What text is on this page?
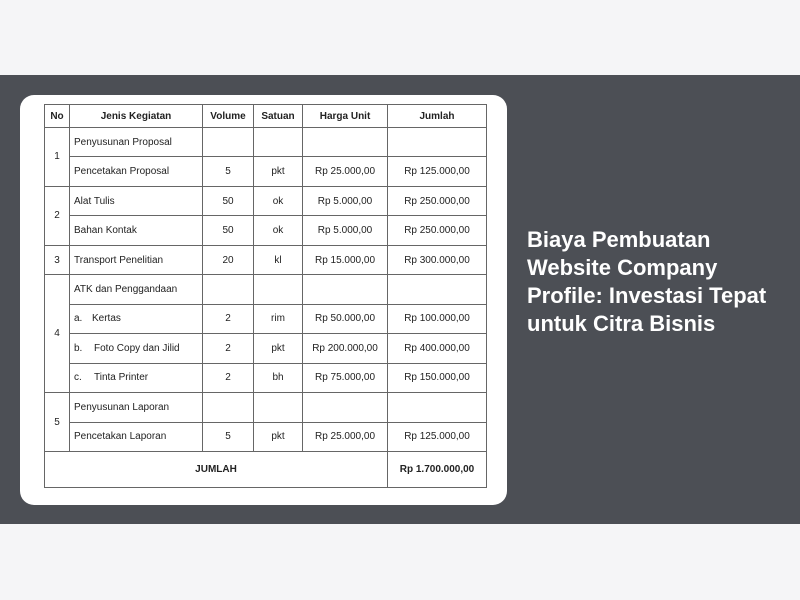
No	Jenis Kegiatan	Volume	Satuan	Harga Unit	Jumlah
1	Penyusunan Proposal				
	Pencetakan Proposal	5	pkt	Rp 25.000,00	Rp 125.000,00
2	Alat Tulis	50	ok	Rp 5.000,00	Rp 250.000,00
	Bahan Kontak	50	ok	Rp 5.000,00	Rp 250.000,00
3	Transport Penelitian	20	kl	Rp 15.000,00	Rp 300.000,00
4	ATK dan Penggandaan				
	a. Kertas	2	rim	Rp 50.000,00	Rp 100.000,00
	b. Foto Copy dan Jilid	2	pkt	Rp 200.000,00	Rp 400.000,00
	c. Tinta Printer	2	bh	Rp 75.000,00	Rp 150.000,00
5	Penyusunan Laporan				
	Pencetakan Laporan	5	pkt	Rp 25.000,00	Rp 125.000,00
JUMLAH					Rp 1.700.000,00
Biaya Pembuatan Website Company Profile: Investasi Tepat untuk Citra Bisnis
